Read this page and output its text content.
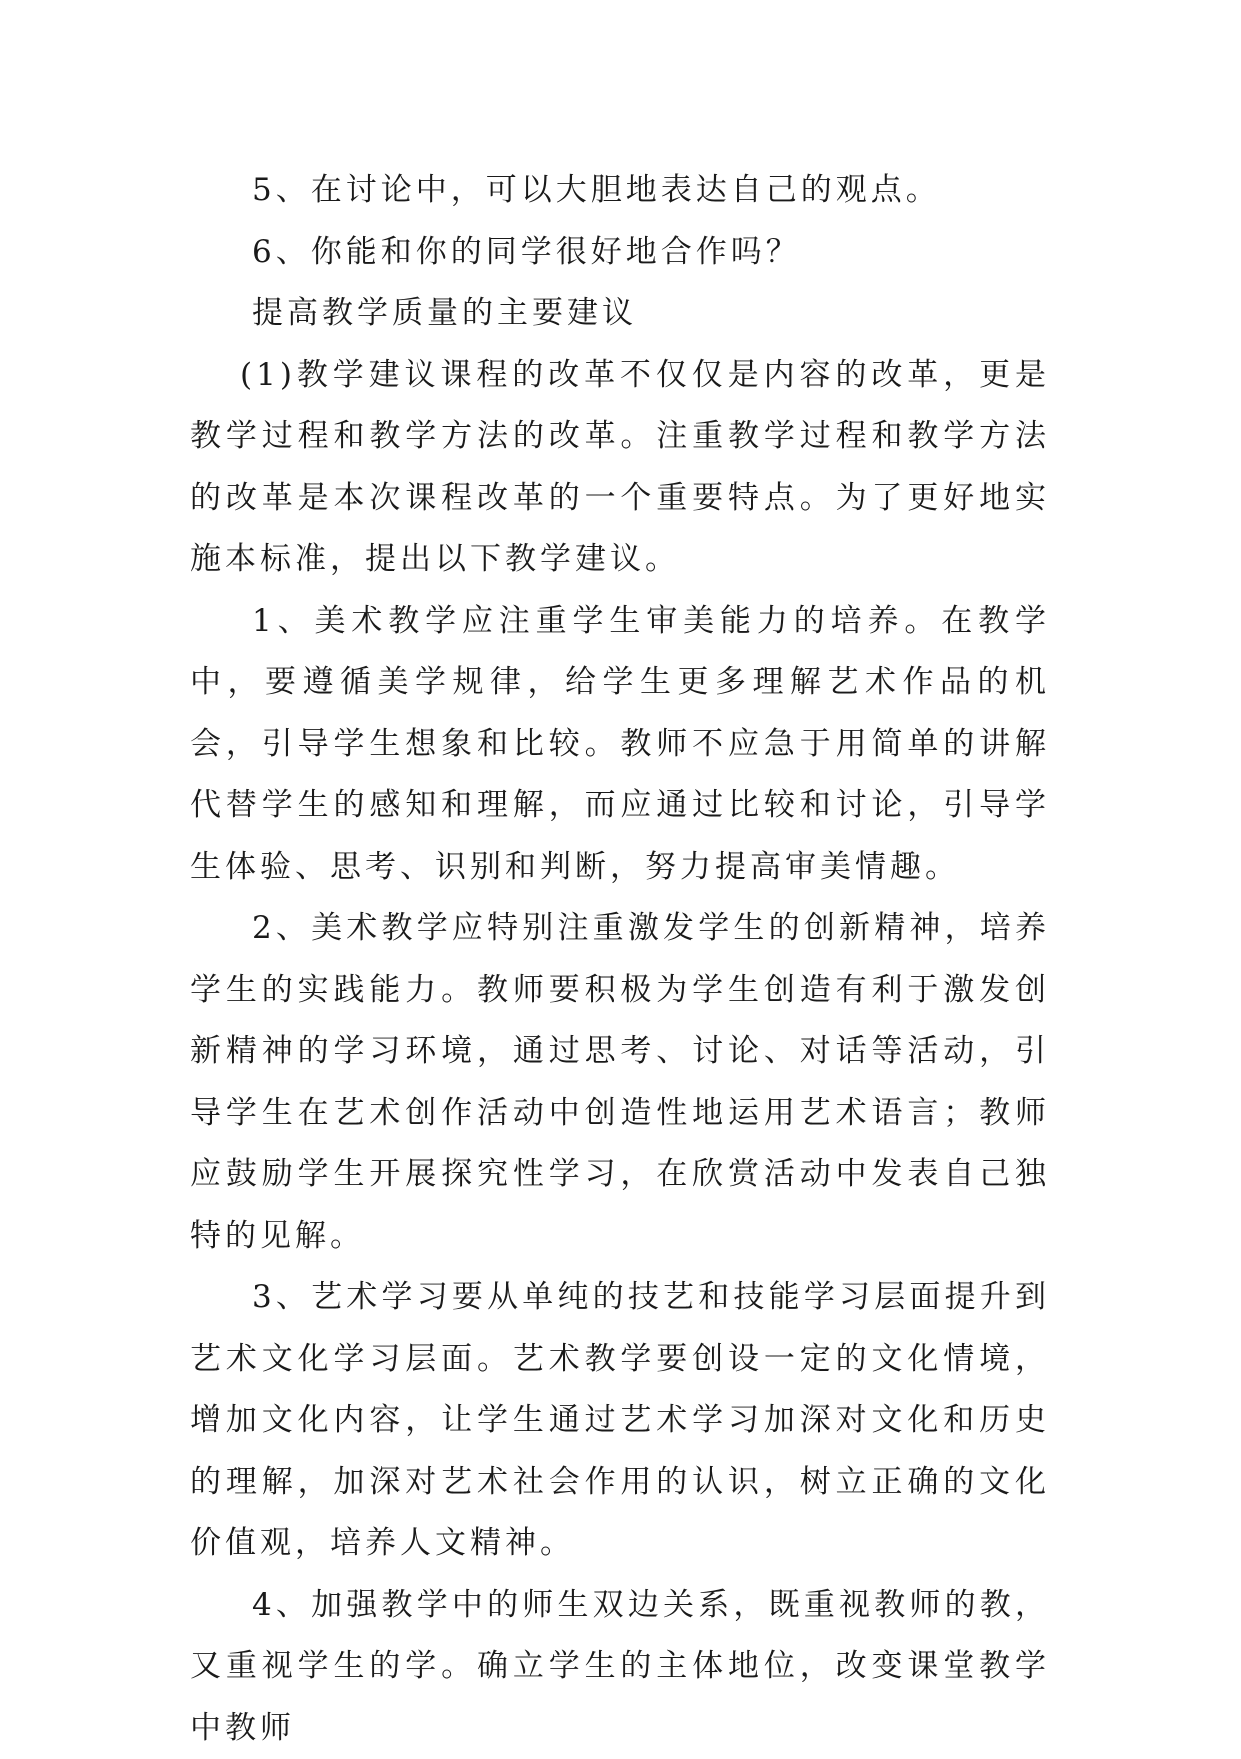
5、在讨论中，可以大胆地表达自己的观点。

6、你能和你的同学很好地合作吗？

提高教学质量的主要建议

(1)教学建议课程的改革不仅仅是内容的改革，更是教学过程和教学方法的改革。注重教学过程和教学方法的改革是本次课程改革的一个重要特点。为了更好地实施本标准，提出以下教学建议。

1、美术教学应注重学生审美能力的培养。在教学中，要遵循美学规律，给学生更多理解艺术作品的机会，引导学生想象和比较。教师不应急于用简单的讲解代替学生的感知和理解，而应通过比较和讨论，引导学生体验、思考、识别和判断，努力提高审美情趣。

2、美术教学应特别注重激发学生的创新精神，培养学生的实践能力。教师要积极为学生创造有利于激发创新精神的学习环境，通过思考、讨论、对话等活动，引导学生在艺术创作活动中创造性地运用艺术语言；教师应鼓励学生开展探究性学习，在欣赏活动中发表自己独特的见解。

3、艺术学习要从单纯的技艺和技能学习层面提升到艺术文化学习层面。艺术教学要创设一定的文化情境，增加文化内容，让学生通过艺术学习加深对文化和历史的理解，加深对艺术社会作用的认识，树立正确的文化价值观，培养人文精神。

4、加强教学中的师生双边关系，既重视教师的教，又重视学生的学。确立学生的主体地位，改变课堂教学中教师
